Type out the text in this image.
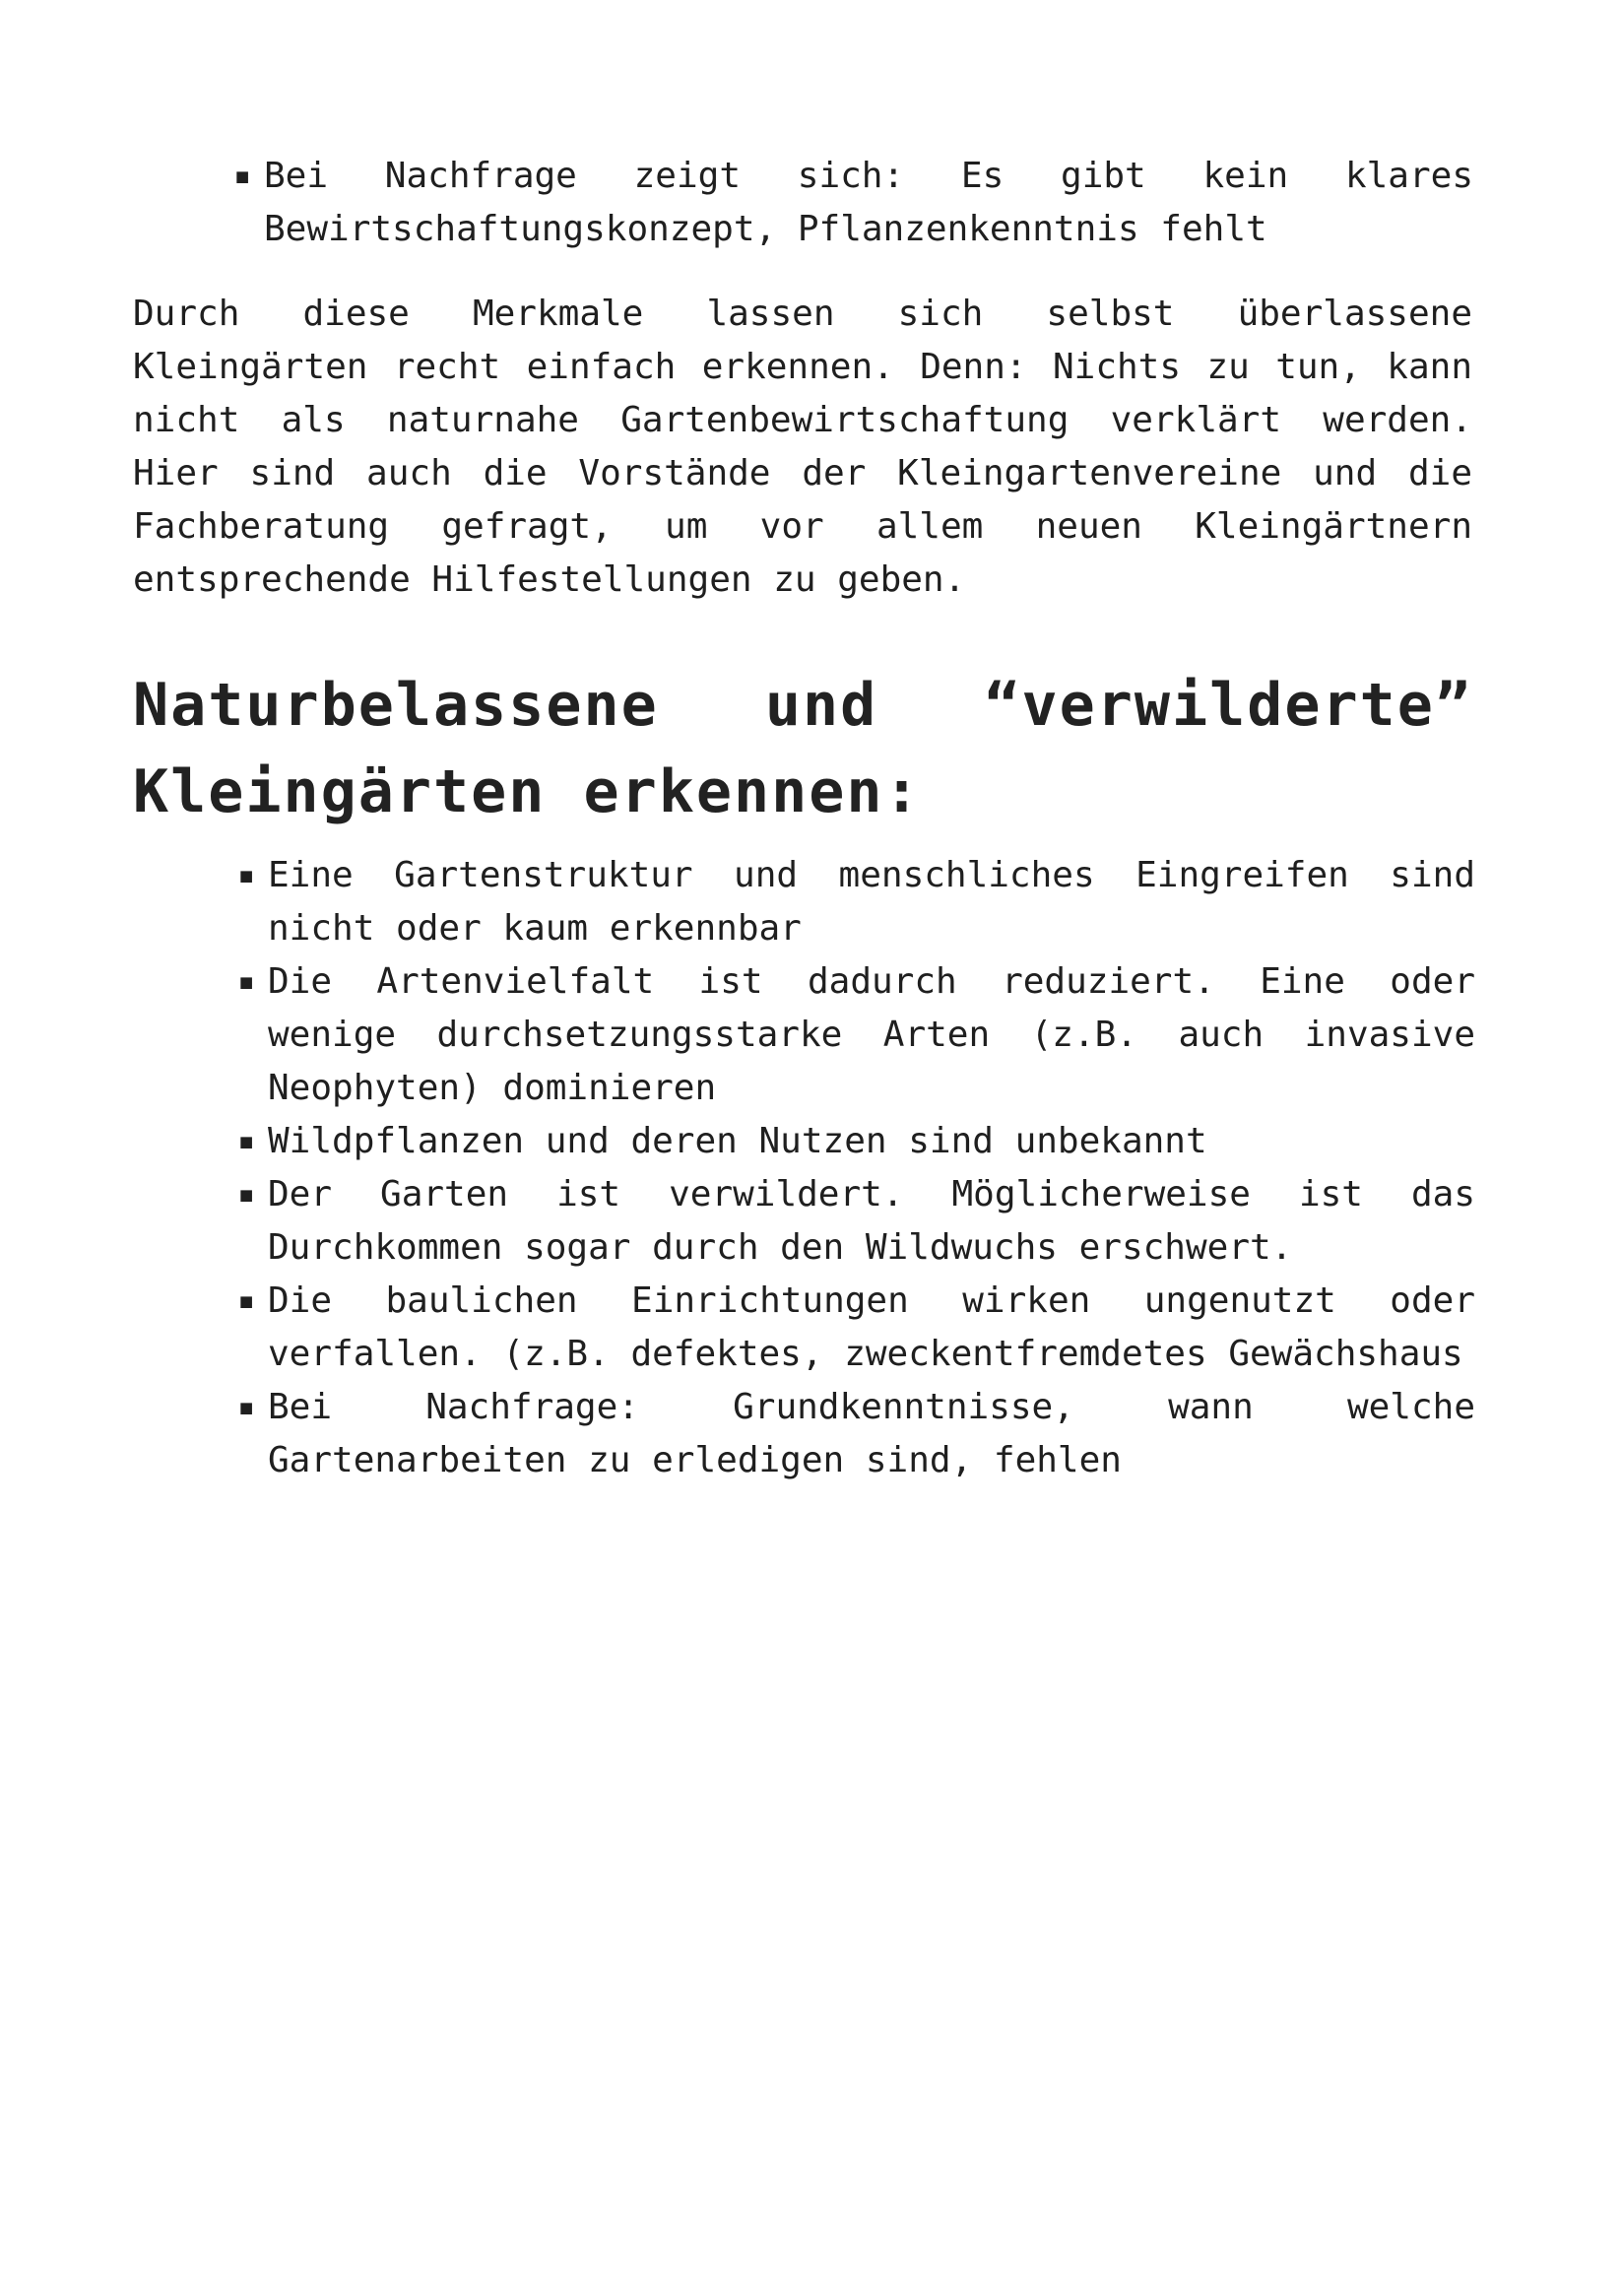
▪ Bei Nachfrage zeigt sich: Es gibt kein klares Bewirtschaftungskonzept, Pflanzenkenntnis fehlt

Durch diese Merkmale lassen sich selbst überlassene Kleingärten recht einfach erkennen. Denn: Nichts zu tun, kann nicht als naturnahe Gartenbewirtschaftung verklärt werden. Hier sind auch die Vorstände der Kleingartenvereine und die Fachberatung gefragt, um vor allem neuen Kleingärtnern entsprechende Hilfestellungen zu geben.

Naturbelassene und “verwilderte” Kleingärten erkennen:
▪ Eine Gartenstruktur und menschliches Eingreifen sind nicht oder kaum erkennbar
▪ Die Artenvielfalt ist dadurch reduziert. Eine oder wenige durchsetzungsstarke Arten (z.B. auch invasive Neophyten) dominieren
▪ Wildpflanzen und deren Nutzen sind unbekannt
▪ Der Garten ist verwildert. Möglicherweise ist das Durchkommen sogar durch den Wildwuchs erschwert.
▪ Die baulichen Einrichtungen wirken ungenutzt oder verfallen. (z.B. defektes, zweckentfremdetes Gewächshaus
▪ Bei Nachfrage: Grundkenntnisse, wann welche Gartenarbeiten zu erledigen sind, fehlen
